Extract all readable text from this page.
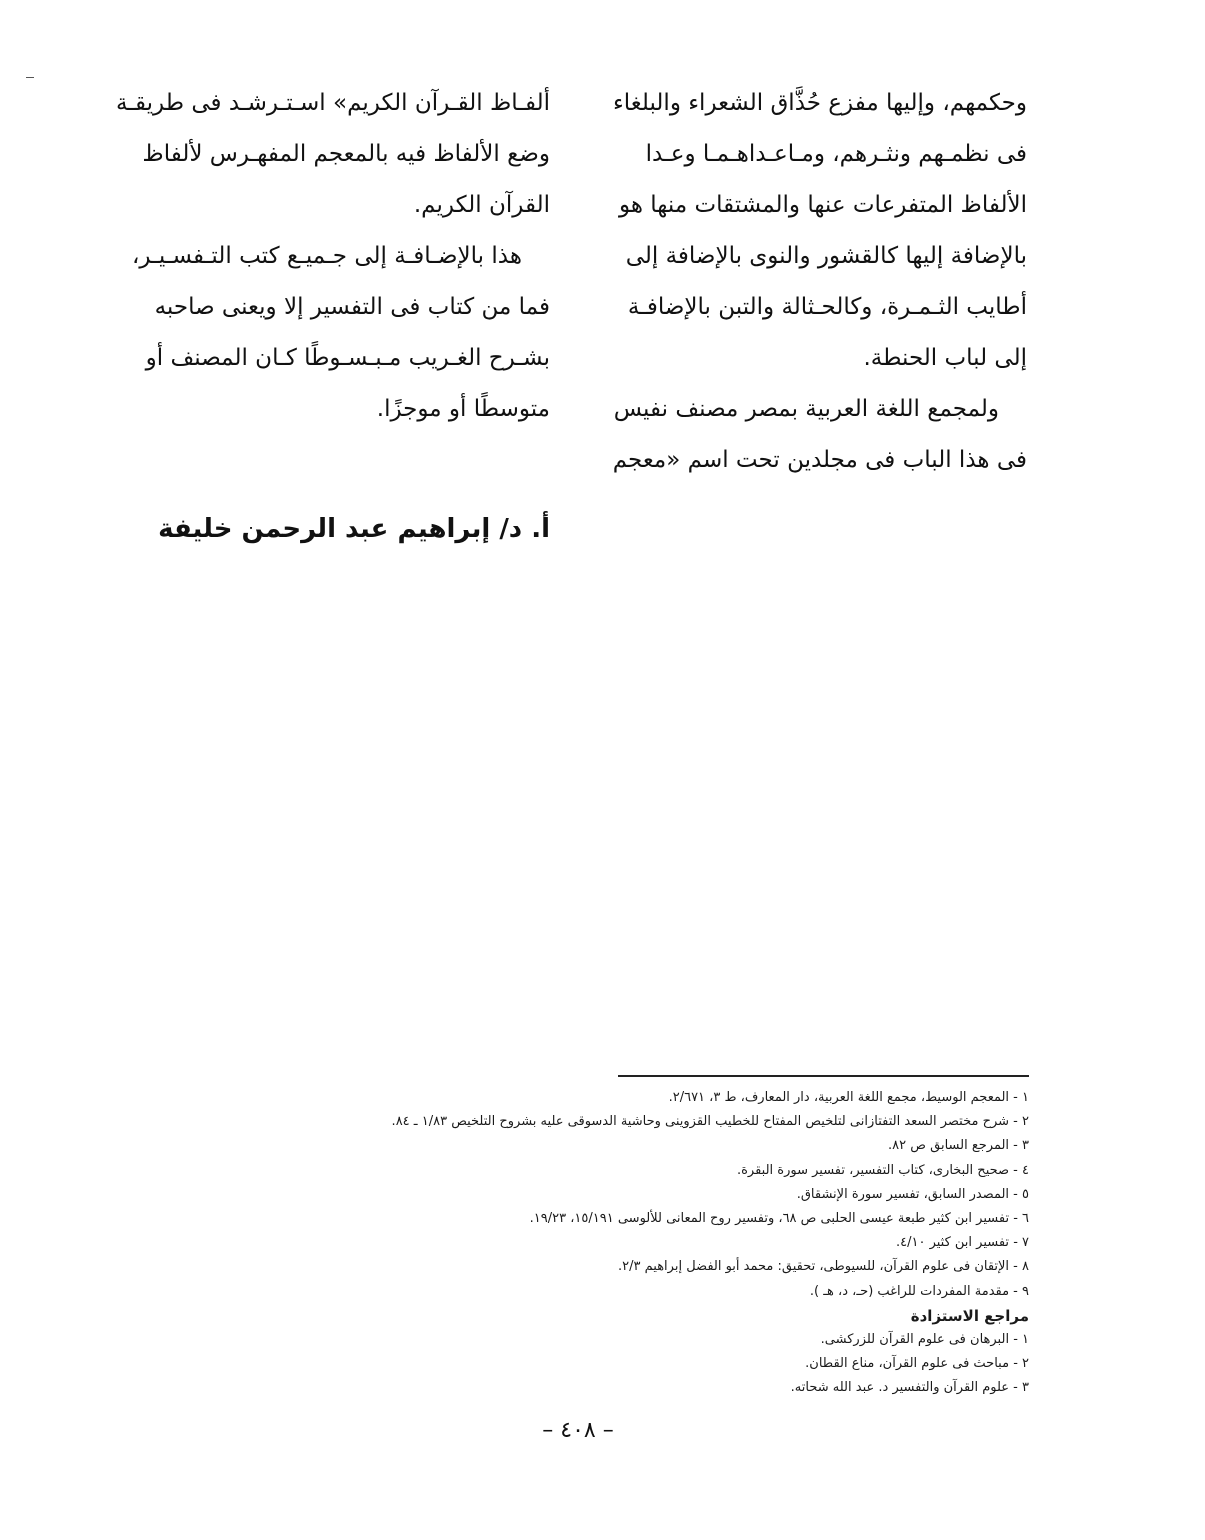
وحكمهم، وإليها مفزع حُذَّاق الشعراء والبلغاء
فى نظمـهم ونثـرهم، ومـاعـداهـمـا وعـدا
الألفاظ المتفرعات عنها والمشتقات منها هو
بالإضافة إليها كالقشور والنوى بالإضافة إلى
أطايب الثـمـرة، وكالحـثالة والتبن بالإضافـة
إلى لباب الحنطة.
ولمجمع اللغة العربية بمصر مصنف نفيس
فى هذا الباب فى مجلدين تحت اسم «معجم
ألفـاظ القـرآن الكريم» اسـتـرشـد فى طريقـة
وضع الألفاظ فيه بالمعجم المفهـرس لألفاظ
القرآن الكريم.
هذا بالإضـافـة إلى جـميـع كتب التـفسـيـر،
فما من كتاب فى التفسير إلا ويعنى صاحبه
بشـرح الغـريب مـبـسـوطًا كـان المصنف أو
متوسطًا أو موجزًا.
أ. د/ إبراهيم عبد الرحمن خليفة
١ - المعجم الوسيط، مجمع اللغة العربية، دار المعارف، ط ٣، ٢/٦٧١.
٢ - شرح مختصر السعد التفتازانى لتلخيص المفتاح للخطيب القزوينى وحاشية الدسوقى عليه بشروح التلخيص ١/٨٣ ـ ٨٤.
٣ - المرجع السابق ص ٨٢.
٤ - صحيح البخارى، كتاب التفسير، تفسير سورة البقرة.
٥ - المصدر السابق، تفسير سورة الإنشقاق.
٦ - تفسير ابن كثير طبعة عيسى الحلبى ص ٦٨، وتفسير روح المعانى للألوسى ١٥/١٩١، ١٩/٢٣.
٧ - تفسير ابن كثير ٤/١٠.
٨ - الإتقان فى علوم القرآن، للسيوطى، تحقيق: محمد أبو الفضل إبراهيم ٢/٣.
٩ - مقدمة المفردات للراغب (حـ، د، هـ ).
مراجع الاستزادة
١ - البرهان فى علوم القرآن للزركشى.
٢ - مباحث فى علوم القرآن، مناع القطان.
٣ - علوم القرآن والتفسير د. عبد الله شحاته.
– ٤٠٨ –
